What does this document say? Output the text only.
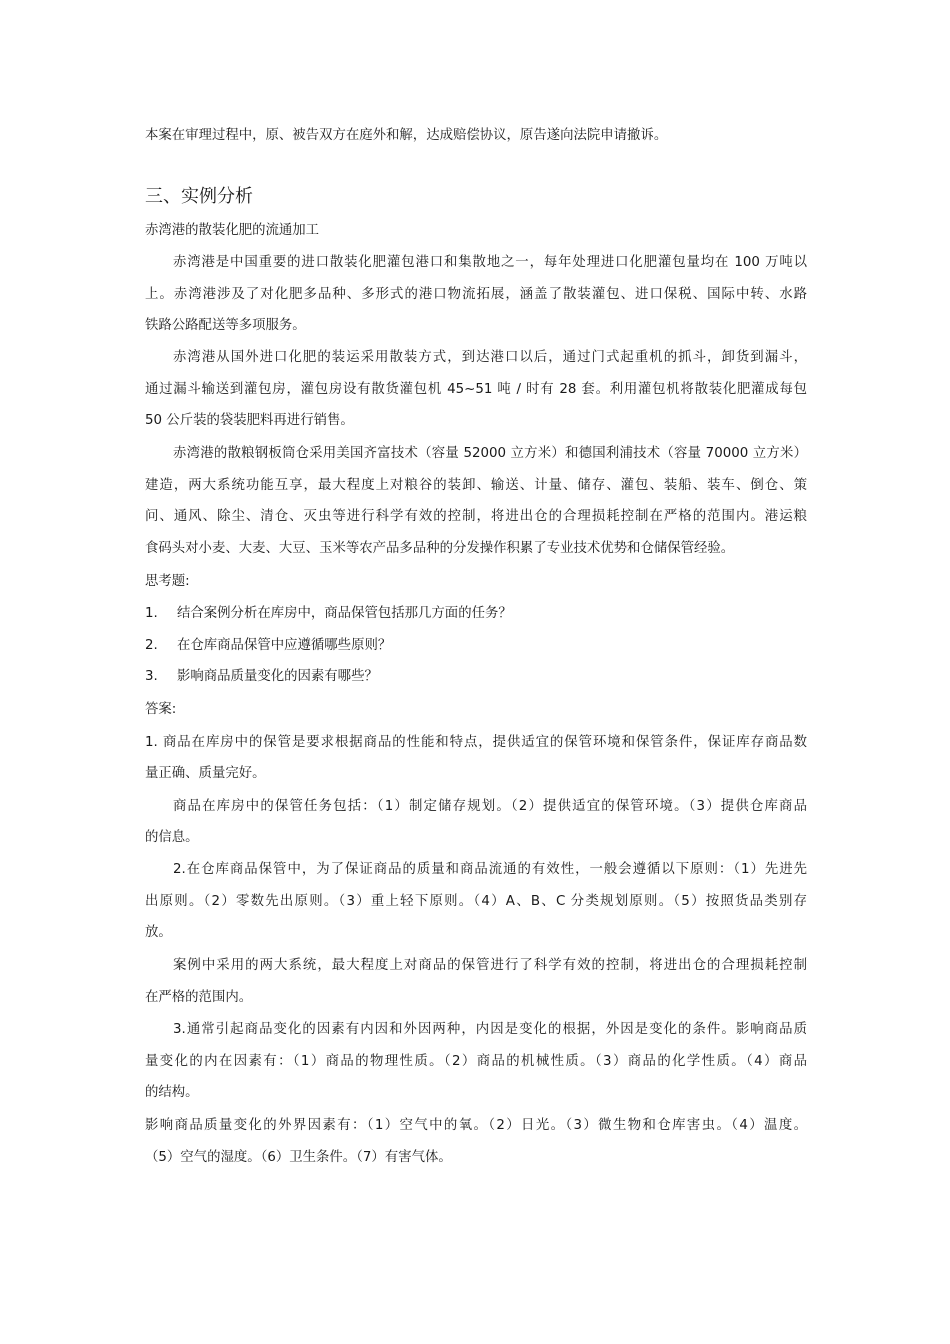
本案在审理过程中，原、被告双方在庭外和解，达成赔偿协议，原告遂向法院申请撤诉。
三、实例分析
赤湾港的散装化肥的流通加工
赤湾港是中国重要的进口散装化肥灌包港口和集散地之一，每年处理进口化肥灌包量均在 100 万吨以
上。赤湾港涉及了对化肥多品种、多形式的港口物流拓展，涵盖了散装灌包、进口保税、国际中转、水路
铁路公路配送等多项服务。
赤湾港从国外进口化肥的装运采用散装方式，到达港口以后，通过门式起重机的抓斗，卸货到漏斗，
通过漏斗输送到灌包房，灌包房设有散货灌包机 45~51 吨 / 时有 28 套。利用灌包机将散装化肥灌成每包
50 公斤装的袋装肥料再进行销售。
赤湾港的散粮钢板筒仓采用美国齐富技术（容量 52000 立方米）和德国利浦技术（容量 70000 立方米）
建造，两大系统功能互享，最大程度上对粮谷的装卸、输送、计量、储存、灌包、装船、装车、倒仓、策
问、通风、除尘、清仓、灭虫等进行科学有效的控制，将进出仓的合理损耗控制在严格的范围内。港运粮
食码头对小麦、大麦、大豆、玉米等农产品多品种的分发操作积累了专业技术优势和仓储保管经验。
思考题:
1. 结合案例分析在库房中，商品保管包括那几方面的任务？
2. 在仓库商品保管中应遵循哪些原则？
3. 影响商品质量变化的因素有哪些？
答案:
1. 商品在库房中的保管是要求根据商品的性能和特点，提供适宜的保管环境和保管条件，保证库存商品数
量正确、质量完好。
商品在库房中的保管任务包括：（1）制定储存规划。（2）提供适宜的保管环境。（3）提供仓库商品
的信息。
2.在仓库商品保管中，为了保证商品的质量和商品流通的有效性，一般会遵循以下原则：（1）先进先
出原则。（2）零数先出原则。（3）重上轻下原则。（4）A、B、C 分类规划原则。（5）按照货品类别存
放。
案例中采用的两大系统，最大程度上对商品的保管进行了科学有效的控制，将进出仓的合理损耗控制
在严格的范围内。
3.通常引起商品变化的因素有内因和外因两种，内因是变化的根据，外因是变化的条件。影响商品质
量变化的内在因素有：（1）商品的物理性质。（2）商品的机械性质。（3）商品的化学性质。（4）商品
的结构。
影响商品质量变化的外界因素有：（1）空气中的氧。（2）日光。（3）微生物和仓库害虫。（4）温度。
（5）空气的湿度。（6）卫生条件。（7）有害气体。
